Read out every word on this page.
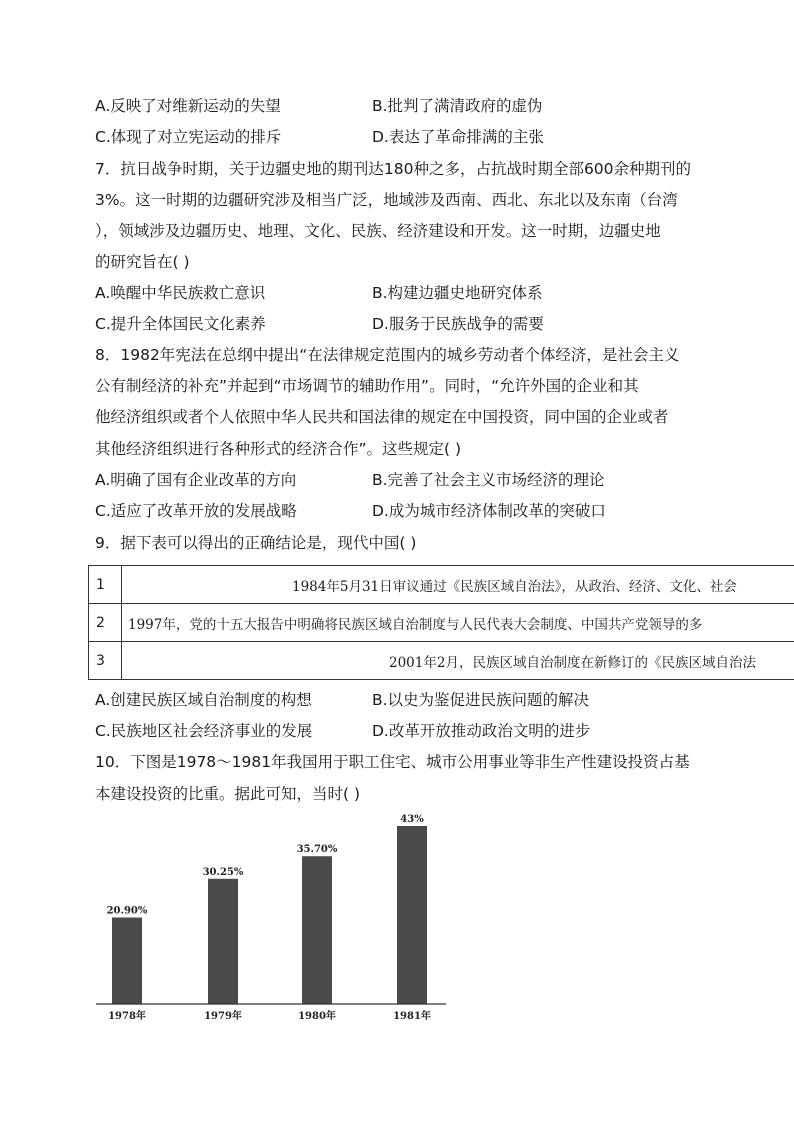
A.反映了对维新运动的失望	B.批判了满清政府的虚伪
C.体现了对立宪运动的排斥	D.表达了革命排满的主张
7．抗日战争时期，关于边疆史地的期刊达180种之多，占抗战时期全部600余种期刊的
3%。这一时期的边疆研究涉及相当广泛，地域涉及西南、西北、东北以及东南（台湾
），领域涉及边疆历史、地理、文化、民族、经济建设和开发。这一时期，边疆史地
的研究旨在( )
A.唤醒中华民族救亡意识	B.构建边疆史地研究体系
C.提升全体国民文化素养	D.服务于民族战争的需要
8．1982年宪法在总纲中提出“在法律规定范围内的城乡劳动者个体经济，是社会主义
公有制经济的补充”并起到“市场调节的辅助作用”。同时，“允许外国的企业和其
他经济组织或者个人依照中华人民共和国法律的规定在中国投资，同中国的企业或者
其他经济组织进行各种形式的经济合作”。这些规定( )
A.明确了国有企业改革的方向	B.完善了社会主义市场经济的理论
C.适应了改革开放的发展战略	D.成为城市经济体制改革的突破口
9．据下表可以得出的正确结论是，现代中国( )
1	1984年5月31日审议通过《民族区域自治法》，从政治、经济、文化、社会

2	1997年，党的十五大报告中明确将民族区域自治制度与人民代表大会制度、中国共产党领导的多

3	2001年2月，民族区域自治制度在新修订的《民族区域自治法
A.创建民族区域自治制度的构想	B.以史为鉴促进民族问题的解决
C.民族地区社会经济事业的发展	D.改革开放推动政治文明的进步
10．下图是1978～1981年我国用于职工住宅、城市公用事业等非生产性建设投资占基
本建设投资的比重。据此可知，当时( )
20.90%
1978年
30.25%
1979年
35.70%
1980年
43%
1981年
